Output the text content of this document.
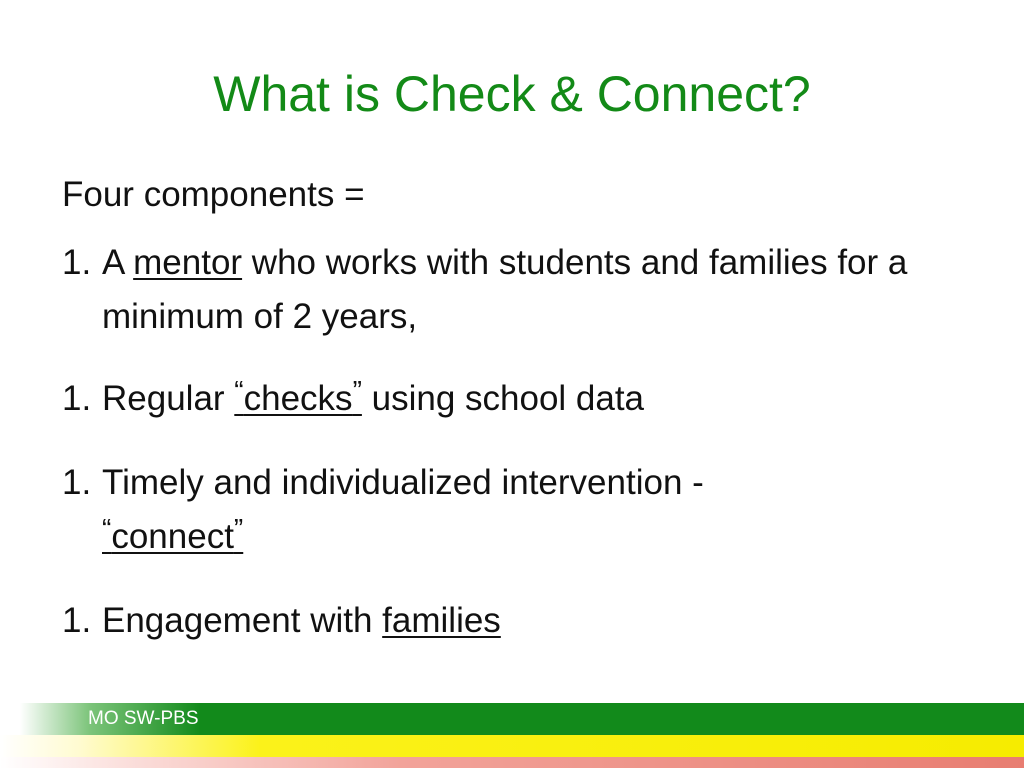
What is Check & Connect?

Four components =

1. A mentor who works with students and families for a minimum of 2 years,

1. Regular “checks” using school data

1. Timely and individualized intervention -
“connect”

1. Engagement with families

MO SW-PBS
